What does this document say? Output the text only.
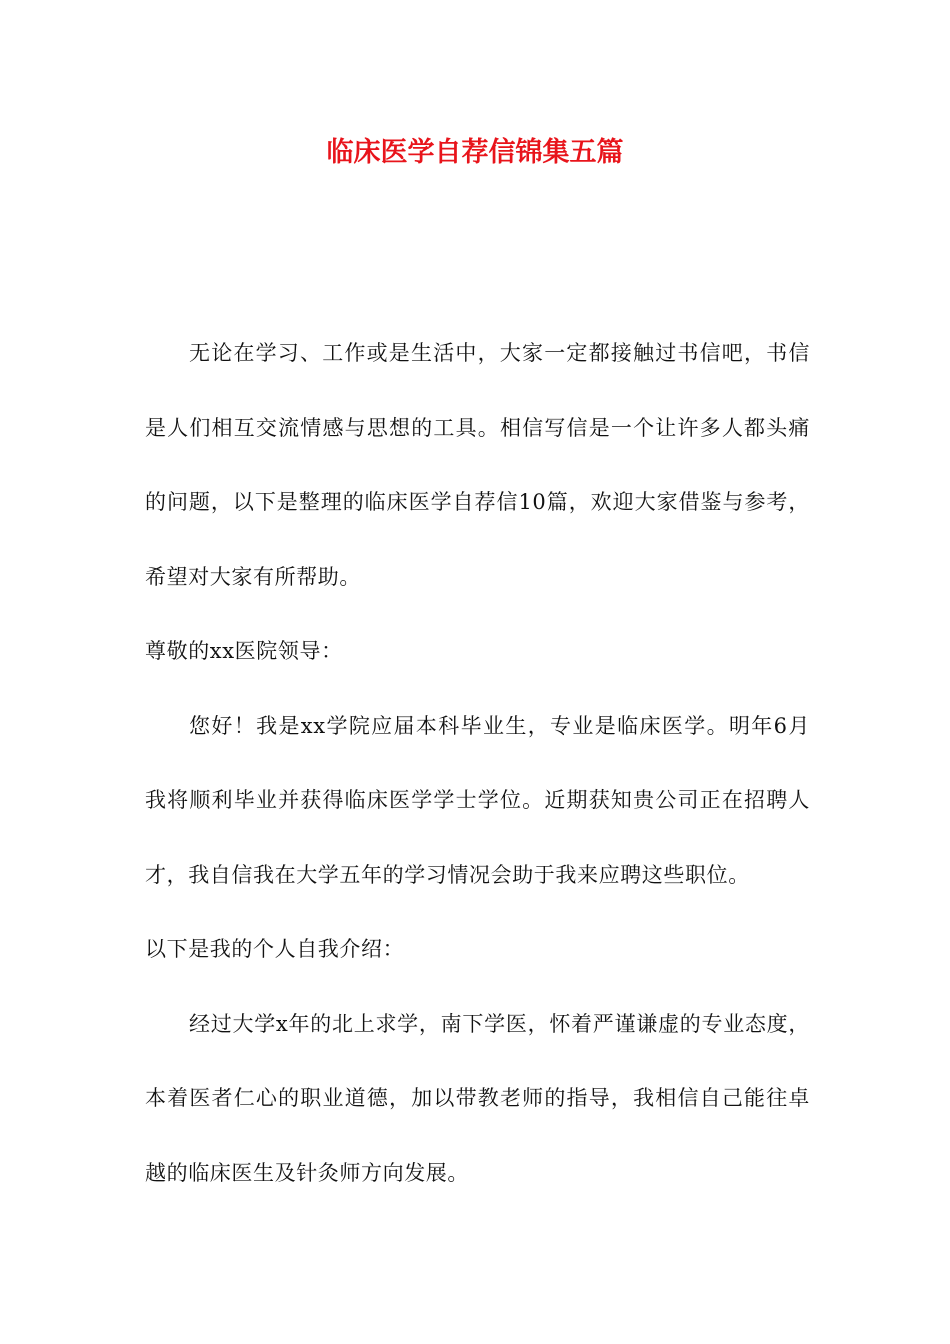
临床医学自荐信锦集五篇

无论在学习、工作或是生活中，大家一定都接触过书信吧，书信是人们相互交流情感与思想的工具。相信写信是一个让许多人都头痛的问题，以下是整理的临床医学自荐信10篇，欢迎大家借鉴与参考，希望对大家有所帮助。

尊敬的xx医院领导：

您好！我是xx学院应届本科毕业生，专业是临床医学。明年6月我将顺利毕业并获得临床医学学士学位。近期获知贵公司正在招聘人才，我自信我在大学五年的学习情况会助于我来应聘这些职位。

以下是我的个人自我介绍：

经过大学x年的北上求学，南下学医，怀着严谨谦虚的专业态度，本着医者仁心的职业道德，加以带教老师的指导，我相信自己能往卓越的临床医生及针灸师方向发展。
